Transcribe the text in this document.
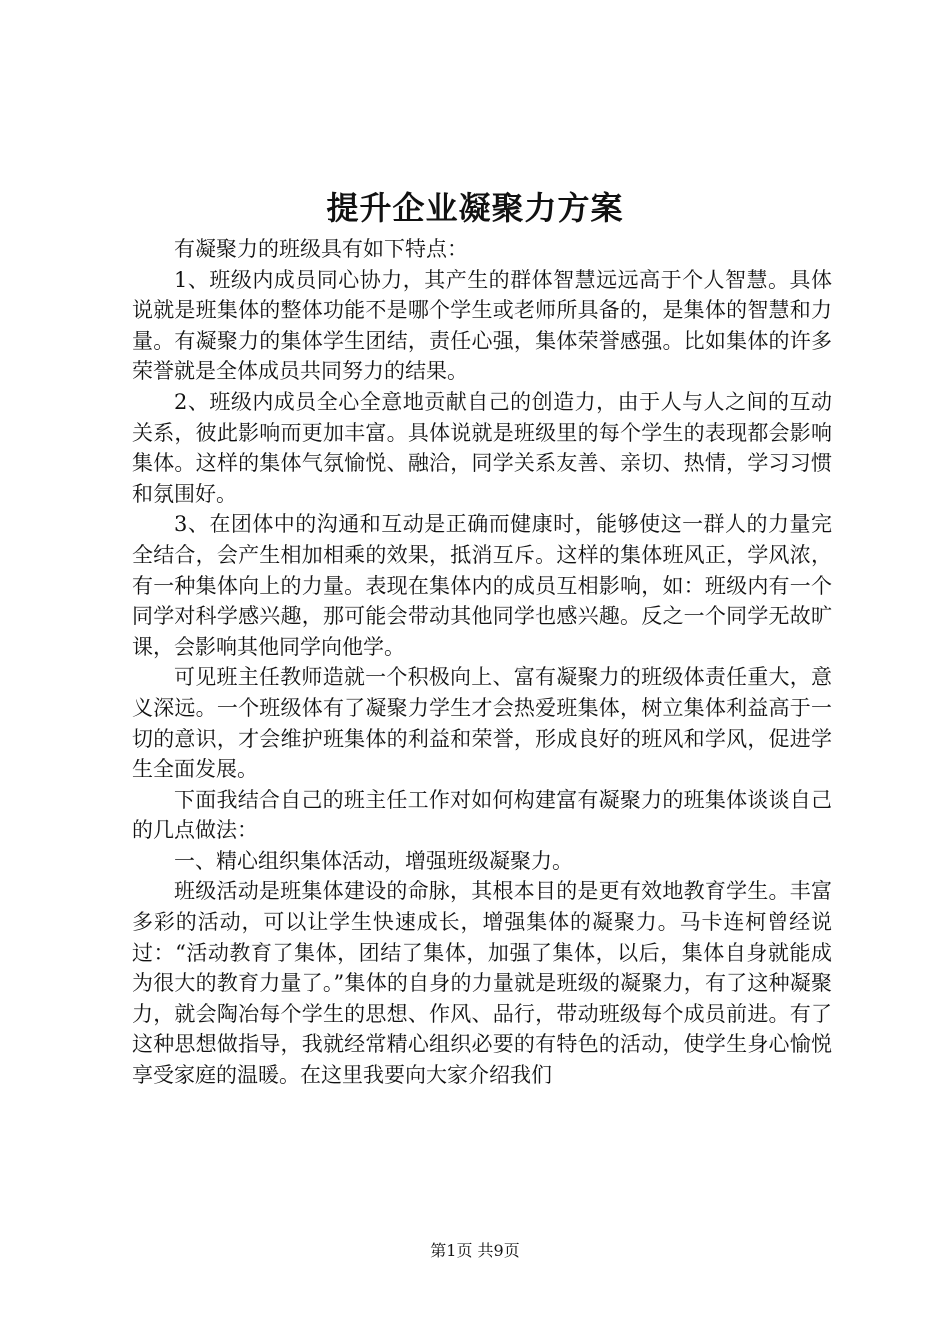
提升企业凝聚力方案

有凝聚力的班级具有如下特点：

1、班级内成员同心协力，其产生的群体智慧远远高于个人智慧。具体说就是班集体的整体功能不是哪个学生或老师所具备的，是集体的智慧和力量。有凝聚力的集体学生团结，责任心强，集体荣誉感强。比如集体的许多荣誉就是全体成员共同努力的结果。

2、班级内成员全心全意地贡献自己的创造力，由于人与人之间的互动关系，彼此影响而更加丰富。具体说就是班级里的每个学生的表现都会影响集体。这样的集体气氛愉悦、融洽，同学关系友善、亲切、热情，学习习惯和氛围好。

3、在团体中的沟通和互动是正确而健康时，能够使这一群人的力量完全结合，会产生相加相乘的效果，抵消互斥。这样的集体班风正，学风浓，有一种集体向上的力量。表现在集体内的成员互相影响，如：班级内有一个同学对科学感兴趣，那可能会带动其他同学也感兴趣。反之一个同学无故旷课，会影响其他同学向他学。

可见班主任教师造就一个积极向上、富有凝聚力的班级体责任重大，意义深远。一个班级体有了凝聚力学生才会热爱班集体，树立集体利益高于一切的意识，才会维护班集体的利益和荣誉，形成良好的班风和学风，促进学生全面发展。

下面我结合自己的班主任工作对如何构建富有凝聚力的班集体谈谈自己的几点做法：

一、精心组织集体活动，增强班级凝聚力。

班级活动是班集体建设的命脉，其根本目的是更有效地教育学生。丰富多彩的活动，可以让学生快速成长，增强集体的凝聚力。马卡连柯曾经说过：“活动教育了集体，团结了集体，加强了集体，以后，集体自身就能成为很大的教育力量了。”集体的自身的力量就是班级的凝聚力，有了这种凝聚力，就会陶冶每个学生的思想、作风、品行，带动班级每个成员前进。有了这种思想做指导，我就经常精心组织必要的有特色的活动，使学生身心愉悦享受家庭的温暖。在这里我要向大家介绍我们

第1页 共9页
